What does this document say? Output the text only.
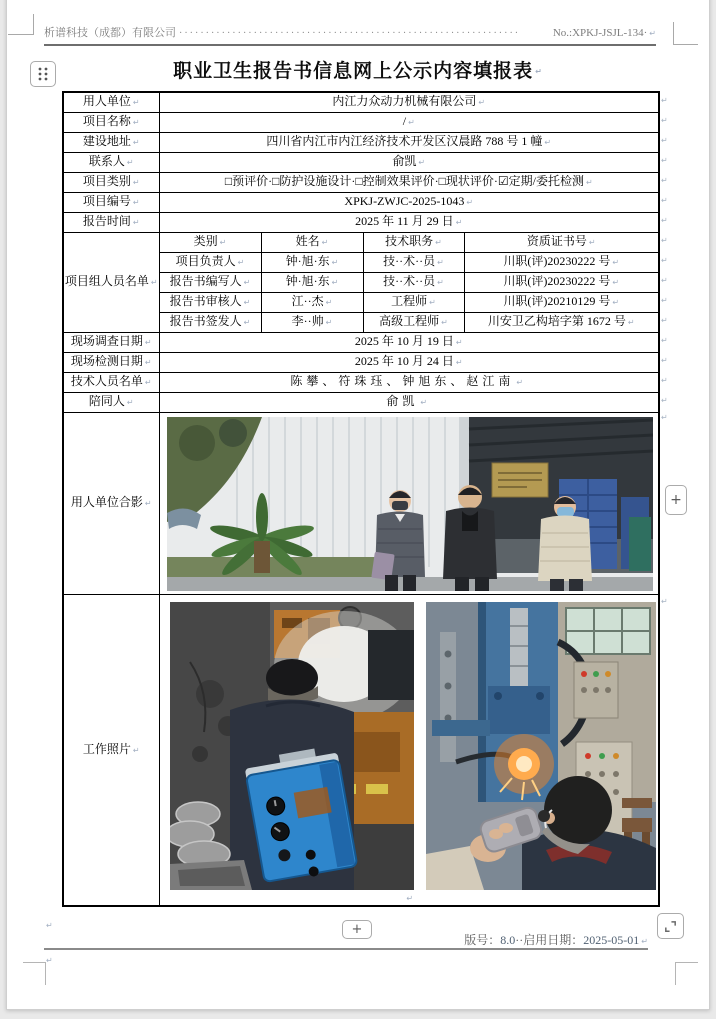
析谱科技（成都）有限公司 ································································	No.:XPKJ-JSJL-134· ↵
职业卫生报告书信息网上公示内容填报表 ↵
用人单位 ↵	内江力众动力机械有限公司 ↵			
项目名称 ↵	/ ↵			
建设地址 ↵	四川省内江市内江经济技术开发区汉晨路 788 号 1 幢 ↵			
联系人 ↵	俞凯 ↵			
项目类别 ↵	□预评价·□防护设施设计·□控制效果评价·□现状评价·☑定期/委托检测 ↵			
项目编号 ↵	XPKJ-ZWJC-2025-1043 ↵			
报告时间 ↵	2025 年 11 月 29 日 ↵			
项目组人员名单 ↵	类别 ↵	姓名 ↵	技术职务 ↵	资质证书号 ↵
	项目负责人 ↵	钟·旭·东 ↵	技··术··员 ↵	川职(评)20230222 号 ↵
	报告书编写人 ↵	钟·旭·东 ↵	技··术··员 ↵	川职(评)20230222 号 ↵
	报告书审核人 ↵	江··杰 ↵	工程师 ↵	川职(评)20210129 号 ↵
	报告书签发人 ↵	李··帅 ↵	高级工程师 ↵	川安卫乙构培字第 1672 号 ↵
现场调查日期 ↵	2025 年 10 月 19 日 ↵			
现场检测日期 ↵	2025 年 10 月 24 日 ↵			
技术人员名单 ↵	陈攀、符珠珏、钟旭东、赵江南 ↵			
陪同人 ↵	俞凯 ↵			
用人单位合影 ↵	

工作照片 ↵	↵			
↵
↵
↵
↵
↵
↵
↵
↵
↵
↵
↵
↵
↵
↵
↵
↵
↵
↵
+
+
↵
版号：8.0··启用日期：2025-05-01 ↵
↵
